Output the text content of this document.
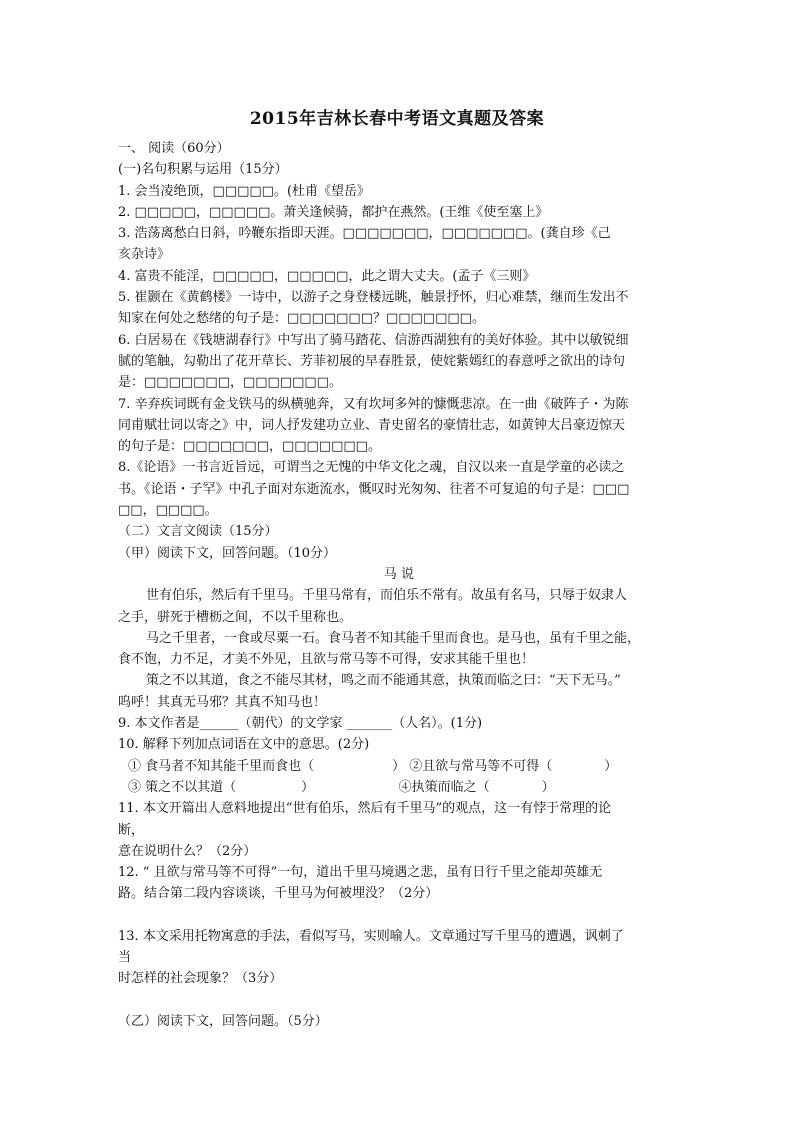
2015年吉林长春中考语文真题及答案
一、 阅读（60分）
(一)名句积累与运用（15分）
1. 会当凌绝顶，□□□□□。(杜甫《望岳》
2. □□□□□，□□□□□。萧关逢候骑，都护在燕然。(王维《使至塞上》
3. 浩荡离愁白日斜，吟鞭东指即天涯。□□□□□□□，□□□□□□□。(龚自珍《己
亥杂诗》
4. 富贵不能淫，□□□□□，□□□□□，此之谓大丈夫。(孟子《三则》
5. 崔颢在《黄鹤楼》一诗中，以游子之身登楼远眺，触景抒怀，归心难禁，继而生发出不
知家在何处之愁绪的句子是：□□□□□□□？□□□□□□□。
6. 白居易在《钱塘湖春行》中写出了骑马踏花、信游西湖独有的美好体验。其中以敏锐细
腻的笔触，勾勒出了花开草长、芳菲初展的早春胜景，使姹紫嫣红的春意呼之欲出的诗句
是：□□□□□□□，□□□□□□□。
7. 辛弃疾词既有金戈铁马的纵横驰奔，又有坎坷多舛的慷慨悲凉。在一曲《破阵子・为陈
同甫赋壮词以寄之》中，词人抒发建功立业、青史留名的豪情壮志，如黄钟大吕豪迈惊天
的句子是：□□□□□□□，□□□□□□□。
8.《论语》一书言近旨远，可谓当之无愧的中华文化之魂，自汉以来一直是学童的必读之
书。《论语・子罕》中孔子面对东逝流水，慨叹时光匆匆、往者不可复追的句子是：□□□
□□，□□□□。
（二）文言文阅读（15分）
（甲）阅读下文，回答问题。（10分）
马 说
世有伯乐，然后有千里马。千里马常有，而伯乐不常有。故虽有名马，只辱于奴隶人
之手，骈死于槽枥之间，不以千里称也。
马之千里者，一食或尽粟一石。食马者不知其能千里而食也。是马也，虽有千里之能，
食不饱，力不足，才美不外见，且欲与常马等不可得，安求其能千里也！
策之不以其道，食之不能尽其材，鸣之而不能通其意，执策而临之曰：“天下无马。”
呜呼！其真无马邪？其真不知马也！
9. 本文作者是______（朝代）的文学家 _______（人名）。(1分)
10. 解释下列加点词语在文中的意思。(2分)
① 食马者不知其能千里而食也（　　　　　　） ②且欲与常马等不可得（　　　　）
③ 策之不以其道（　　　　　）　　　　　　　④执策而临之（　　　　）
11. 本文开篇出人意料地提出“世有伯乐，然后有千里马”的观点，这一有悖于常理的论
断，
意在说明什么？（2分）
12. “ 且欲与常马等不可得”一句，道出千里马境遇之悲，虽有日行千里之能却英雄无
路。结合第二段内容谈谈，千里马为何被埋没？（2分）
13. 本文采用托物寓意的手法，看似写马，实则喻人。文章通过写千里马的遭遇，讽刺了
当
时怎样的社会现象？（3分）
（乙）阅读下文，回答问题。（5分）
